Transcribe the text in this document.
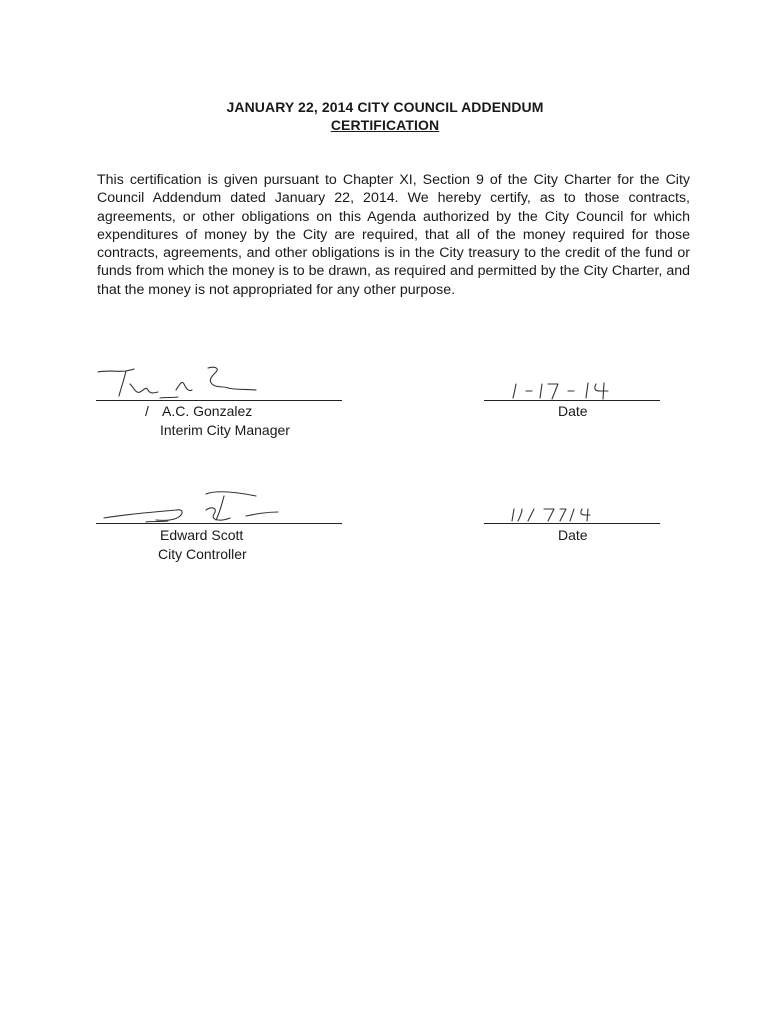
JANUARY 22, 2014 CITY COUNCIL ADDENDUM
CERTIFICATION
This certification is given pursuant to Chapter XI, Section 9 of the City Charter for the City Council Addendum dated January 22, 2014. We hereby certify, as to those contracts, agreements, or other obligations on this Agenda authorized by the City Council for which expenditures of money by the City are required, that all of the money required for those contracts, agreements, and other obligations is in the City treasury to the credit of the fund or funds from which the money is to be drawn, as required and permitted by the City Charter, and that the money is not appropriated for any other purpose.
/ A.C. Gonzalez
Interim City Manager
Date
Edward Scott
City Controller
Date
